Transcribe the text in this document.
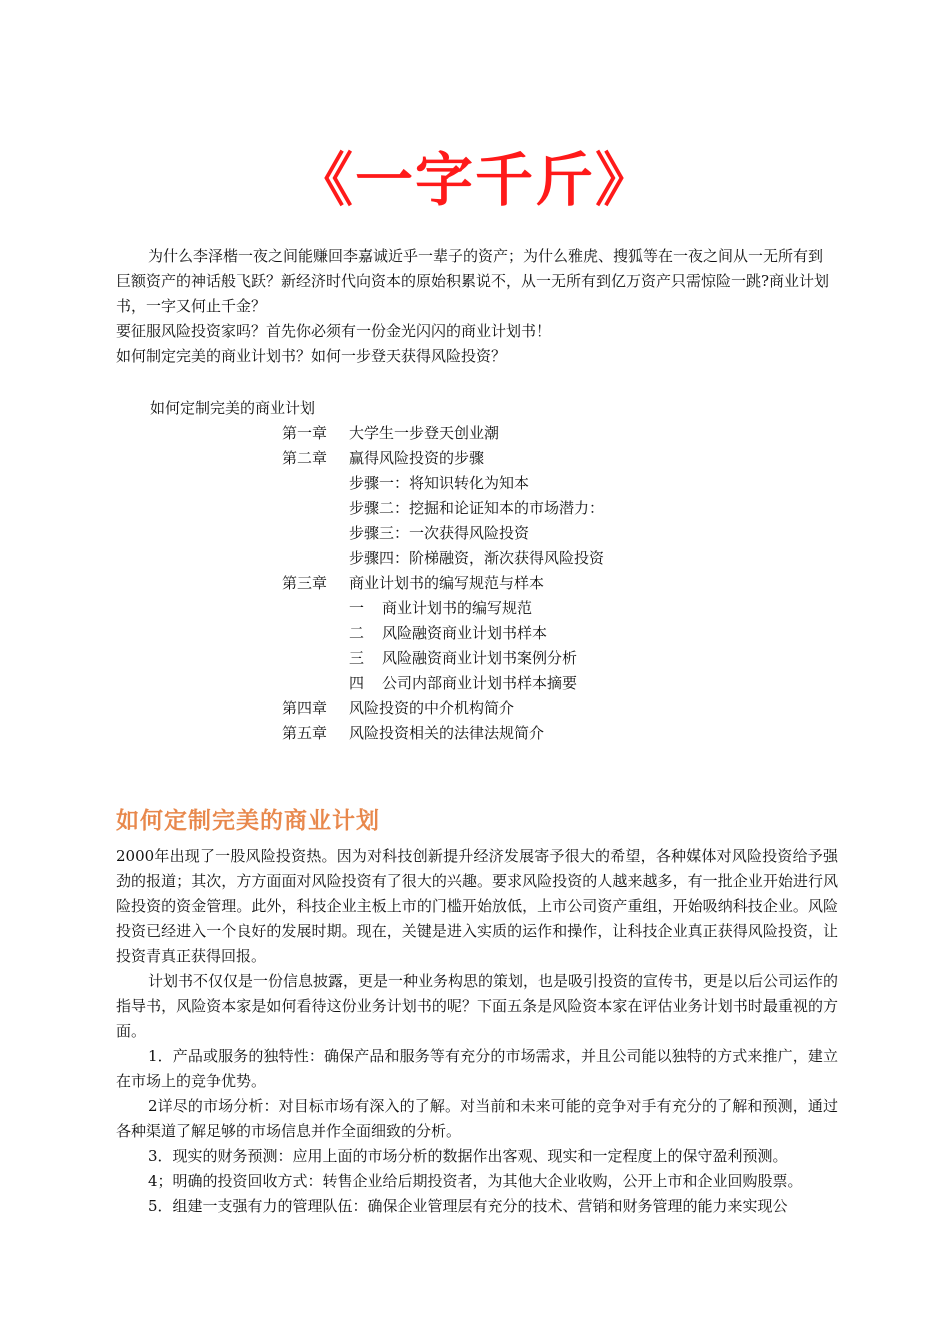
《一字千斤》

为什么李泽楷一夜之间能赚回李嘉诚近乎一辈子的资产；为什么雅虎、搜狐等在一夜之间从一无所有到巨额资产的神话般飞跃？新经济时代向资本的原始积累说不，从一无所有到亿万资产只需惊险一跳?商业计划书，一字又何止千金？

要征服风险投资家吗？首先你必须有一份金光闪闪的商业计划书！

如何制定完美的商业计划书？如何一步登天获得风险投资？

如何定制完美的商业计划
第一章 大学生一步登天创业潮
第二章 赢得风险投资的步骤
步骤一：将知识转化为知本
步骤二：挖掘和论证知本的市场潜力：
步骤三：一次获得风险投资
步骤四：阶梯融资，渐次获得风险投资
第三章 商业计划书的编写规范与样本
一 商业计划书的编写规范
二 风险融资商业计划书样本
三 风险融资商业计划书案例分析
四 公司内部商业计划书样本摘要
第四章 风险投资的中介机构简介
第五章 风险投资相关的法律法规简介
如何定制完美的商业计划

2000年出现了一股风险投资热。因为对科技创新提升经济发展寄予很大的希望，各种媒体对风险投资给予强劲的报道；其次，方方面面对风险投资有了很大的兴趣。要求风险投资的人越来越多，有一批企业开始进行风险投资的资金管理。此外，科技企业主板上市的门槛开始放低，上市公司资产重组，开始吸纳科技企业。风险投资已经进入一个良好的发展时期。现在，关键是进入实质的运作和操作，让科技企业真正获得风险投资，让投资青真正获得回报。

计划书不仅仅是一份信息披露，更是一种业务构思的策划，也是吸引投资的宣传书，更是以后公司运作的指导书，风险资本家是如何看待这份业务计划书的呢？下面五条是风险资本家在评估业务计划书时最重视的方面。

1．产品或服务的独特性：确保产品和服务等有充分的市场需求，并且公司能以独特的方式来推广，建立在市场上的竞争优势。

2详尽的市场分析：对目标市场有深入的了解。对当前和未来可能的竞争对手有充分的了解和预测，通过各种渠道了解足够的市场信息并作全面细致的分析。

3．现实的财务预测：应用上面的市场分析的数据作出客观、现实和一定程度上的保守盈利预测。

4；明确的投资回收方式：转售企业给后期投资者，为其他大企业收购，公开上市和企业回购股票。

5．组建一支强有力的管理队伍：确保企业管理层有充分的技术、营销和财务管理的能力来实现公
